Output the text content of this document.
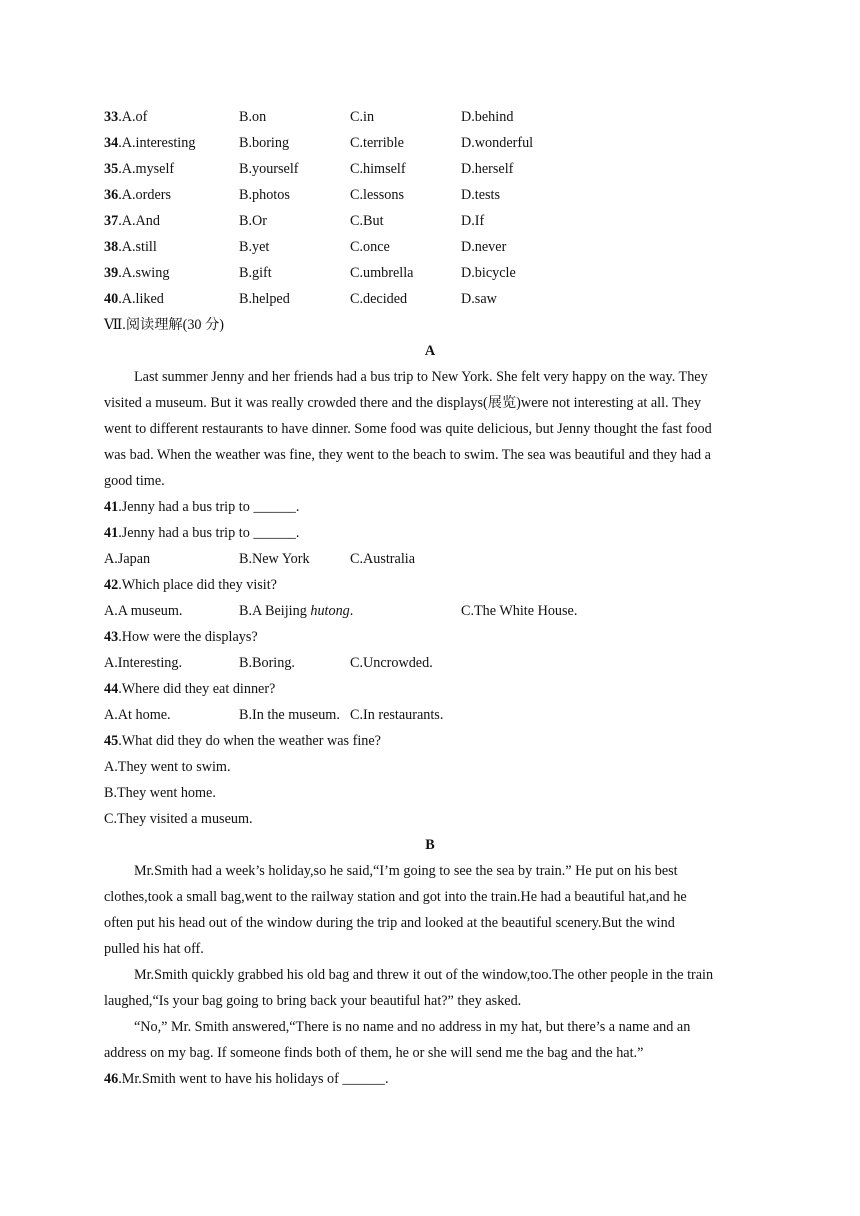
33.A.of	B.on	C.in	D.behind
34.A.interesting	B.boring	C.terrible	D.wonderful
35.A.myself	B.yourself	C.himself	D.herself
36.A.orders	B.photos	C.lessons	D.tests
37.A.And	B.Or	C.But	D.If
38.A.still	B.yet	C.once	D.never
39.A.swing	B.gift	C.umbrella	D.bicycle
40.A.liked	B.helped	C.decided	D.saw
Ⅶ.阅读理解(30 分)
A
Last summer Jenny and her friends had a bus trip to New York. She felt very happy on the way. They
visited a museum. But it was really crowded there and the displays(展览)were not interesting at all. They
went to different restaurants to have dinner. Some food was quite delicious, but Jenny thought the fast food
was bad. When the weather was fine, they went to the beach to swim. The sea was beautiful and they had a
good time.
41.Jenny had a bus trip to ______.
41.Jenny had a bus trip to ______.
A.Japan	B.New York	C.Australia
42.Which place did they visit?
A.A museum.	B.A Beijing hutong.	C.The White House.
43.How were the displays?
A.Interesting.	B.Boring.	C.Uncrowded.
44.Where did they eat dinner?
A.At home.	B.In the museum. C.In restaurants.
45.What did they do when the weather was fine?
A.They went to swim.
B.They went home.
C.They visited a museum.
B
Mr.Smith had a week’s holiday,so he said,“I’m going to see the sea by train.” He put on his best
clothes,took a small bag,went to the railway station and got into the train.He had a beautiful hat,and he
often put his head out of the window during the trip and looked at the beautiful scenery.But the wind
pulled his hat off.
Mr.Smith quickly grabbed his old bag and threw it out of the window,too.The other people in the train
laughed,“Is your bag going to bring back your beautiful hat?” they asked.
“No,” Mr. Smith answered,“There is no name and no address in my hat, but there’s a name and an
address on my bag. If someone finds both of them, he or she will send me the bag and the hat.”
46.Mr.Smith went to have his holidays of ______.
